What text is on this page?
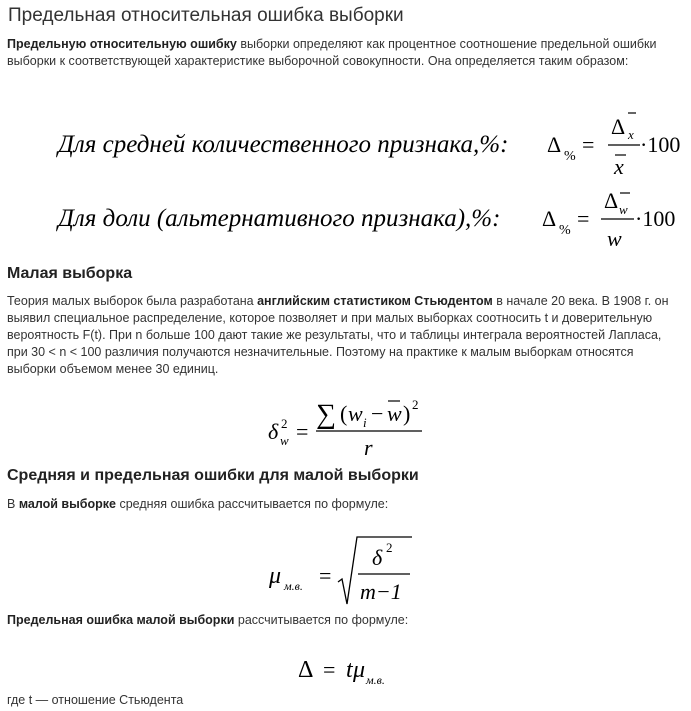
Предельная относительная ошибка выборки
Предельную относительную ошибку выборки определяют как процентное соотношение предельной ошибки выборки к соответствующей характеристике выборочной совокупности. Она определяется таким образом:
Для средней количественного признака,%: Δ % =
Δ x
x
·100
Для доли (альтернативного признака),%: Δ % =
Δ w
w
·100
Малая выборка
Теория малых выборок была разработана английским статистиком Стьюдентом в начале 20 века. В 1908 г. он выявил специальное распределение, которое позволяет и при малых выборках соотносить t и доверительную вероятность F(t). При n больше 100 дают такие же результаты, что и таблицы интеграла вероятностей Лапласа, при 30 < n < 100 различия получаются незначительные. Поэтому на практике к малым выборкам относятся выборки объемом менее 30 единиц.
δ 2
w =
∑ ( w i − w ) 2
r
Средняя и предельная ошибки для малой выборки
В малой выборке средняя ошибка рассчитывается по формуле:
μ м.в. =
δ 2
m−1
Предельная ошибка малой выборки рассчитывается по формуле:
Δ = t μ м.в.
где t — отношение Стьюдента
